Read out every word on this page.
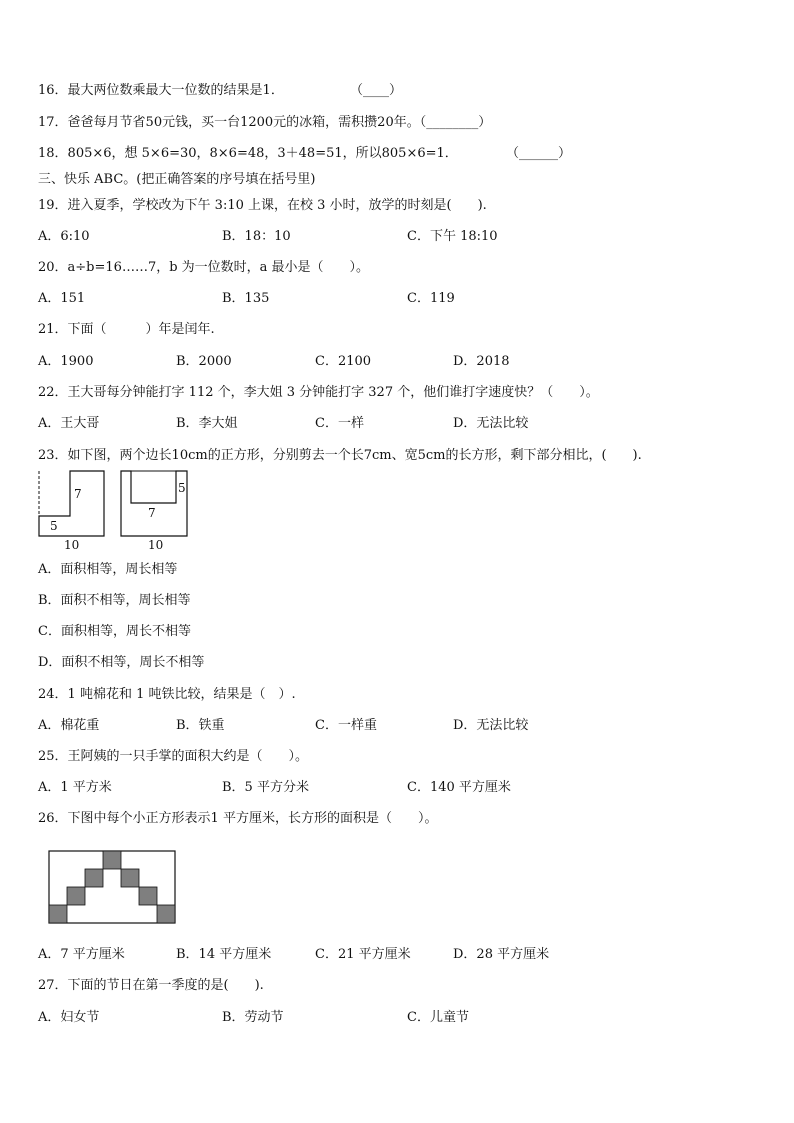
16．最大两位数乘最大一位数的结果是1．	（____）
17．爸爸每月节省50元钱，买一台1200元的冰箱，需积攒20年。（________）
18．805×6，想 5×6=30，8×6=48，3＋48=51，所以805×6=1．	（______）
三、快乐 ABC。(把正确答案的序号填在括号里)
19．进入夏季，学校改为下午 3:10 上课，在校 3 小时，放学的时刻是(　　).
A．6:10	B．18：10	C．下午 18:10
20．a÷b=16……7，b 为一位数时，a 最小是（　　）。
A．151	B．135	C．119
21．下面（　　　）年是闰年.
A．1900	B．2000	C．2100	D．2018
22．王大哥每分钟能打字 112 个，李大姐 3 分钟能打字 327 个，他们谁打字速度快？（　　）。
A．王大哥	B．李大姐	C．一样	D．无法比较
23．如下图，两个边长10cm的正方形，分别剪去一个长7cm、宽5cm的长方形，剩下部分相比，(　　).
7
5
10
5
7
10
A．面积相等，周长相等
B．面积不相等，周长相等
C．面积相等，周长不相等
D．面积不相等，周长不相等
24．1 吨棉花和 1 吨铁比较，结果是（　）.
A．棉花重	B．铁重	C．一样重	D．无法比较
25．王阿姨的一只手掌的面积大约是（　　）。
A．1 平方米	B．5 平方分米	C．140 平方厘米
26．下图中每个小正方形表示1 平方厘米，长方形的面积是（　　）。
A．7 平方厘米	B．14 平方厘米	C．21 平方厘米	D．28 平方厘米
27．下面的节日在第一季度的是(　　).
A．妇女节	B．劳动节	C．儿童节
